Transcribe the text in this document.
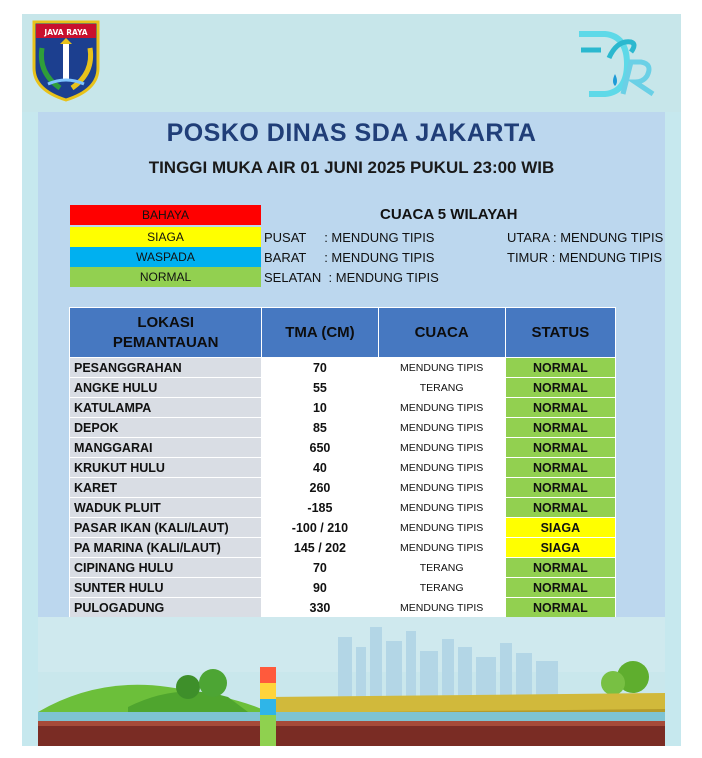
JAVA RAYA
POSKO DINAS SDA JAKARTA
TINGGI MUKA AIR 01 JUNI 2025 PUKUL 23:00 WIB
BAHAYA
SIAGA
WASPADA
NORMAL
CUACA 5 WILAYAH
PUSAT     : MENDUNG TIPIS
BARAT     : MENDUNG TIPIS
SELATAN  : MENDUNG TIPIS
UTARA : MENDUNG TIPIS
TIMUR : MENDUNG TIPIS
LOKASI
PEMANTAUAN	TMA (CM)	CUACA	STATUS
PESANGGRAHAN	70	MENDUNG TIPIS	NORMAL
ANGKE HULU	55	TERANG	NORMAL
KATULAMPA	10	MENDUNG TIPIS	NORMAL
DEPOK	85	MENDUNG TIPIS	NORMAL
MANGGARAI	650	MENDUNG TIPIS	NORMAL
KRUKUT HULU	40	MENDUNG TIPIS	NORMAL
KARET	260	MENDUNG TIPIS	NORMAL
WADUK PLUIT	-185	MENDUNG TIPIS	NORMAL
PASAR IKAN (KALI/LAUT)	-100 / 210	MENDUNG TIPIS	SIAGA
PA MARINA (KALI/LAUT)	145 / 202	MENDUNG TIPIS	SIAGA
CIPINANG HULU	70	TERANG	NORMAL
SUNTER HULU	90	TERANG	NORMAL
PULOGADUNG	330	MENDUNG TIPIS	NORMAL
